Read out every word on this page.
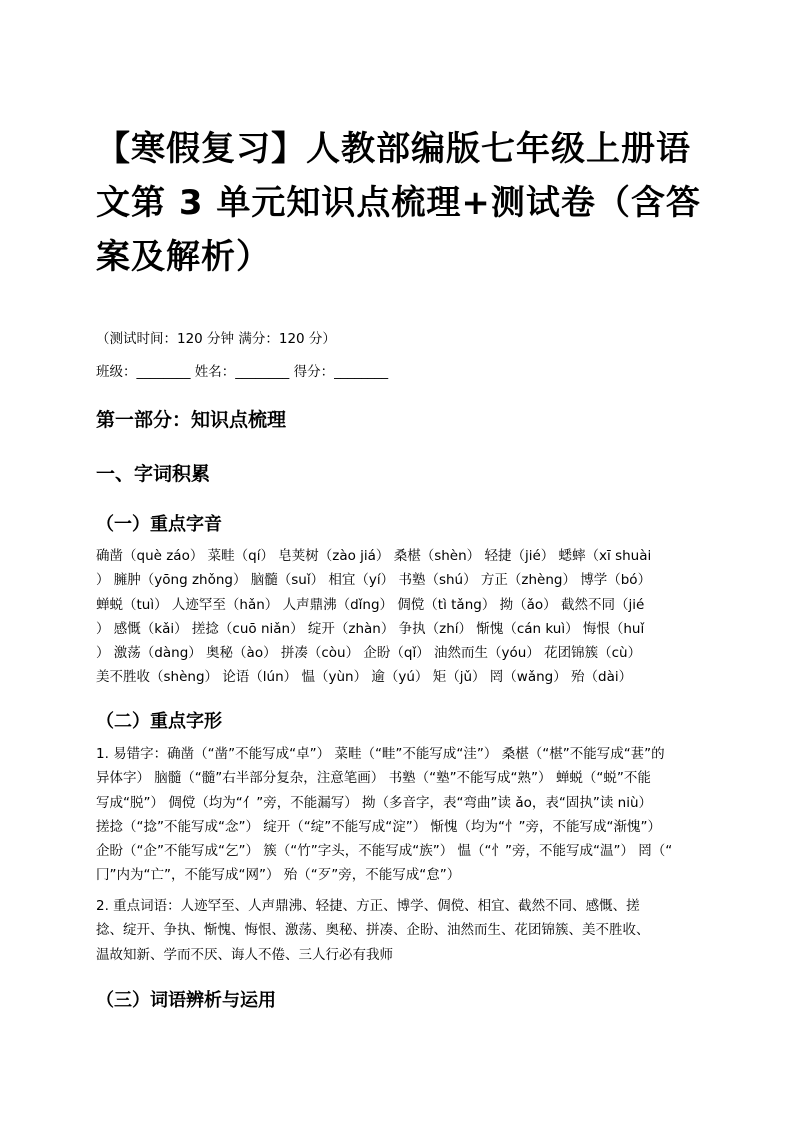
【寒假复习】人教部编版七年级上册语
文第 3 单元知识点梳理+测试卷（含答
案及解析）
（测试时间：120 分钟 满分：120 分）
班级：________ 姓名：________ 得分：________
第一部分：知识点梳理
一、字词积累
（一）重点字音
确凿（què záo） 菜畦（qí） 皂荚树（zào jiá） 桑椹（shèn） 轻捷（jié） 蟋蟀（xī shuài
） 臃肿（yōng zhǒng） 脑髓（suǐ） 相宜（yí） 书塾（shú） 方正（zhèng） 博学（bó）
蝉蜕（tuì） 人迹罕至（hǎn） 人声鼎沸（dǐng） 倜傥（tì tǎng） 拗（ǎo） 截然不同（jié
） 感慨（kǎi） 搓捻（cuō niǎn） 绽开（zhàn） 争执（zhí） 惭愧（cán kuì） 悔恨（huǐ
） 激荡（dàng） 奥秘（ào） 拼凑（còu） 企盼（qǐ） 油然而生（yóu） 花团锦簇（cù）
美不胜收（shèng） 论语（lún） 愠（yùn） 逾（yú） 矩（jǔ） 罔（wǎng） 殆（dài）
（二）重点字形
1. 易错字：确凿（“凿”不能写成“卓”） 菜畦（“畦”不能写成“洼”） 桑椹（“椹”不能写成“葚”的
异体字） 脑髓（“髓”右半部分复杂，注意笔画） 书塾（“塾”不能写成“熟”） 蝉蜕（“蜕”不能
写成“脱”） 倜傥（均为“亻”旁，不能漏写） 拗（多音字，表“弯曲”读 ǎo，表“固执”读 niù）
搓捻（“捻”不能写成“念”） 绽开（“绽”不能写成“淀”） 惭愧（均为“忄”旁，不能写成“渐愧”）
企盼（“企”不能写成“乞”） 簇（“竹”字头，不能写成“族”） 愠（“忄”旁，不能写成“温”） 罔（“
冂”内为“亡”，不能写成“网”） 殆（“歹”旁，不能写成“怠”）
2. 重点词语：人迹罕至、人声鼎沸、轻捷、方正、博学、倜傥、相宜、截然不同、感慨、搓
捻、绽开、争执、惭愧、悔恨、激荡、奥秘、拼凑、企盼、油然而生、花团锦簇、美不胜收、
温故知新、学而不厌、诲人不倦、三人行必有我师
（三）词语辨析与运用
